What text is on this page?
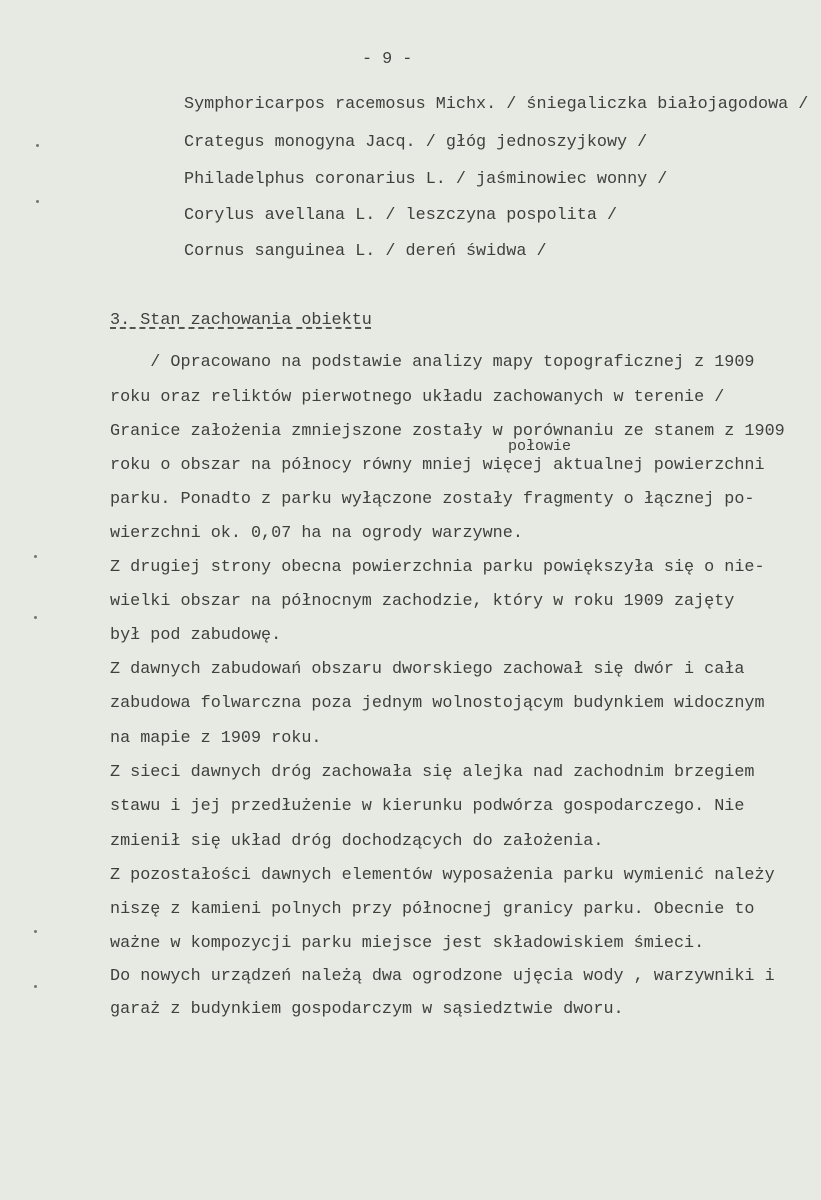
- 9 -
Symphoricarpos racemosus Michx. / śniegaliczka białojagodowa /
Crategus monogyna Jacq. / głóg jednoszyjkowy /
Philadelphus coronarius L. / jaśminowiec wonny /
Corylus avellana L. / leszczyna pospolita /
Cornus sanguinea L. / dereń świdwa /
3. Stan zachowania obiektu
/ Opracowano na podstawie analizy mapy topograficznej z 1909
roku oraz reliktów pierwotnego układu zachowanych w terenie /
Granice założenia zmniejszone zostały w porównaniu ze stanem z 1909
połowie
roku o obszar na północy równy mniej więcej aktualnej powierzchni
parku. Ponadto z parku wyłączone zostały fragmenty o łącznej po-
wierzchni ok. 0,07 ha na ogrody warzywne.
Z drugiej strony obecna powierzchnia parku powiększyła się o nie-
wielki obszar na północnym zachodzie, który w roku 1909 zajęty
był pod zabudowę.
Z dawnych zabudowań obszaru dworskiego zachował się dwór i cała
zabudowa folwarczna poza jednym wolnostojącym budynkiem widocznym
na mapie z 1909 roku.
Z sieci dawnych dróg zachowała się alejka nad zachodnim brzegiem
stawu i jej przedłużenie w kierunku podwórza gospodarczego. Nie
zmienił się układ dróg dochodzących do założenia.
Z pozostałości dawnych elementów wyposażenia parku wymienić należy
niszę z kamieni polnych przy północnej granicy parku. Obecnie to
ważne w kompozycji parku miejsce jest składowiskiem śmieci.
Do nowych urządzeń należą dwa ogrodzone ujęcia wody , warzywniki i
garaż z budynkiem gospodarczym w sąsiedztwie dworu.
